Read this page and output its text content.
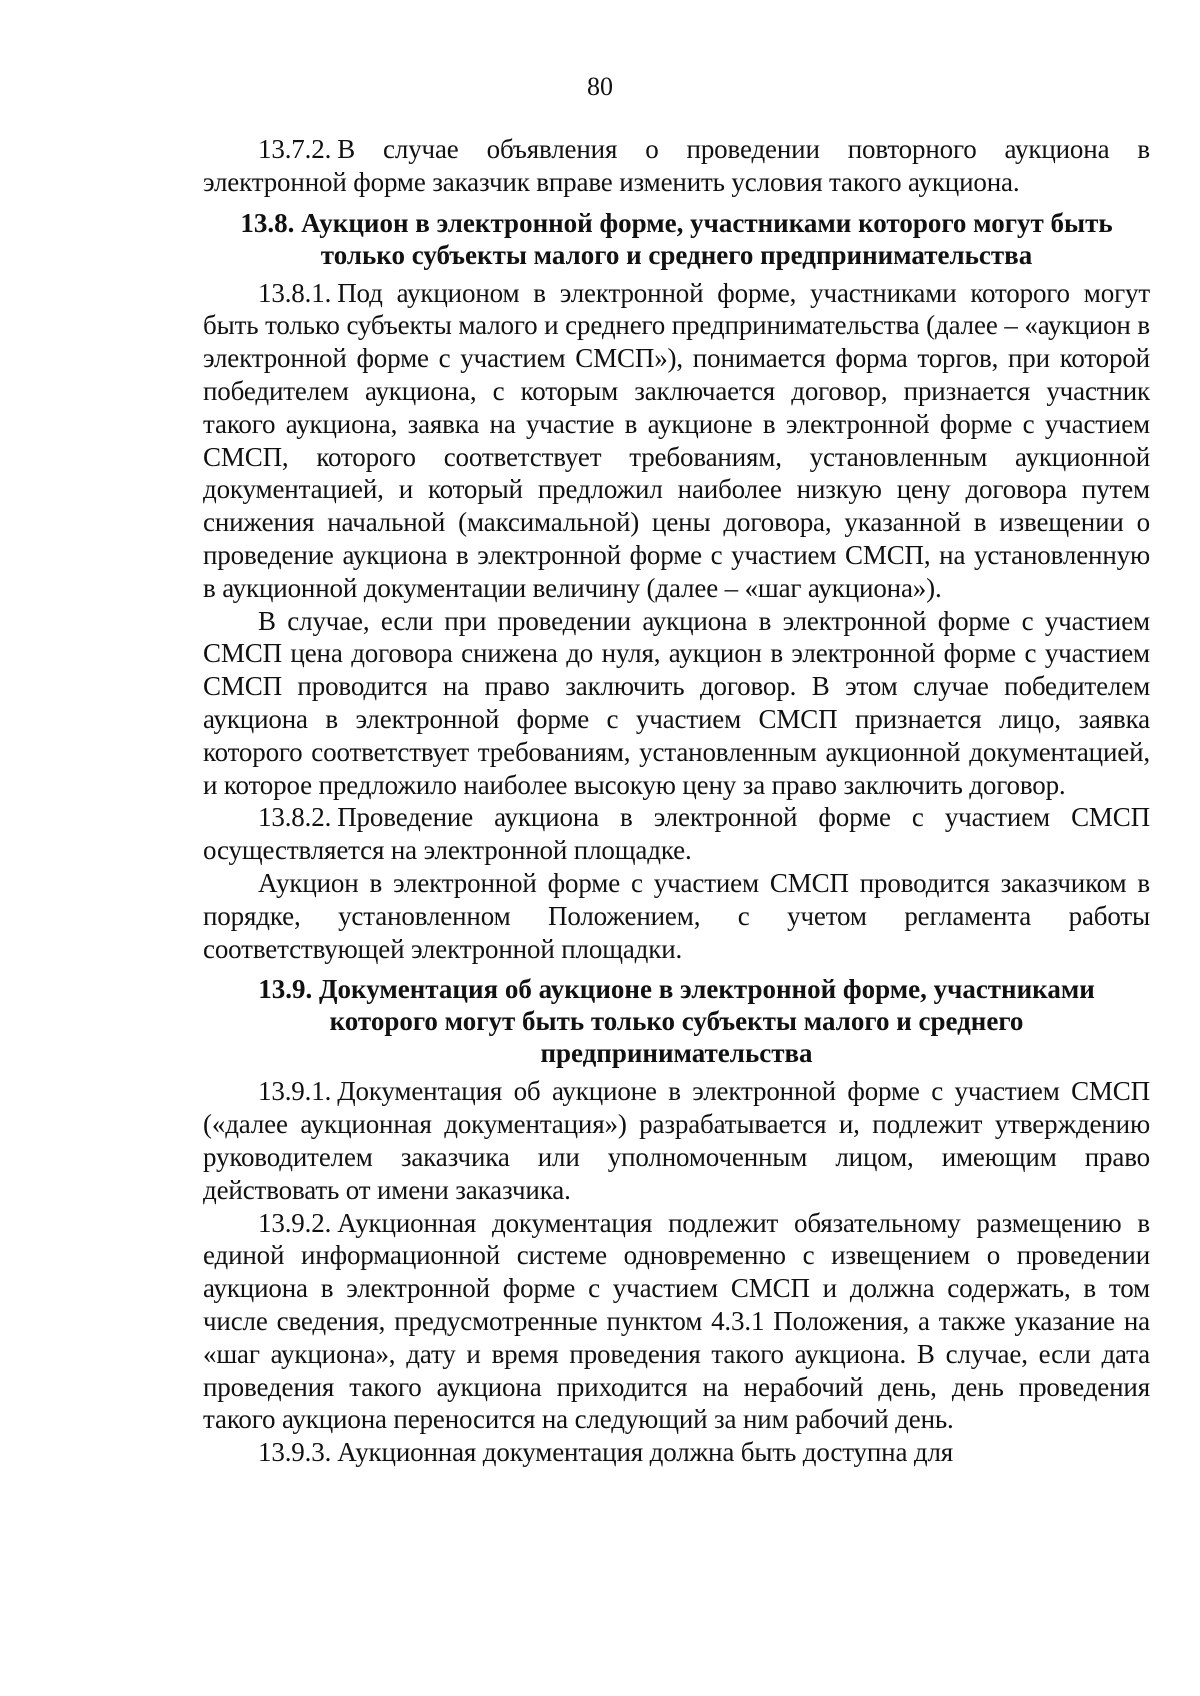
80

13.7.2. В случае объявления о проведении повторного аукциона в электронной форме заказчик вправе изменить условия такого аукциона.

13.8. Аукцион в электронной форме, участниками которого могут быть только субъекты малого и среднего предпринимательства

13.8.1. Под аукционом в электронной форме, участниками которого могут быть только субъекты малого и среднего предпринимательства (далее – «аукцион в электронной форме с участием СМСП»), понимается форма торгов, при которой победителем аукциона, с которым заключается договор, признается участник такого аукциона, заявка на участие в аукционе в электронной форме с участием СМСП, которого соответствует требованиям, установленным аукционной документацией, и который предложил наиболее низкую цену договора путем снижения начальной (максимальной) цены договора, указанной в извещении о проведение аукциона в электронной форме с участием СМСП, на установленную в аукционной документации величину (далее – «шаг аукциона»).

В случае, если при проведении аукциона в электронной форме с участием СМСП цена договора снижена до нуля, аукцион в электронной форме с участием СМСП проводится на право заключить договор. В этом случае победителем аукциона в электронной форме с участием СМСП признается лицо, заявка которого соответствует требованиям, установленным аукционной документацией, и которое предложило наиболее высокую цену за право заключить договор.

13.8.2. Проведение аукциона в электронной форме с участием СМСП осуществляется на электронной площадке.

Аукцион в электронной форме с участием СМСП проводится заказчиком в порядке, установленном Положением, с учетом регламента работы соответствующей электронной площадки.

13.9. Документация об аукционе в электронной форме, участниками которого могут быть только субъекты малого и среднего предпринимательства

13.9.1. Документация об аукционе в электронной форме с участием СМСП («далее аукционная документация») разрабатывается и, подлежит утверждению руководителем заказчика или уполномоченным лицом, имеющим право действовать от имени заказчика.

13.9.2. Аукционная документация подлежит обязательному размещению в единой информационной системе одновременно с извещением о проведении аукциона в электронной форме с участием СМСП и должна содержать, в том числе сведения, предусмотренные пунктом 4.3.1 Положения, а также указание на «шаг аукциона», дату и время проведения такого аукциона. В случае, если дата проведения такого аукциона приходится на нерабочий день, день проведения такого аукциона переносится на следующий за ним рабочий день.

13.9.3. Аукционная документация должна быть доступна для
